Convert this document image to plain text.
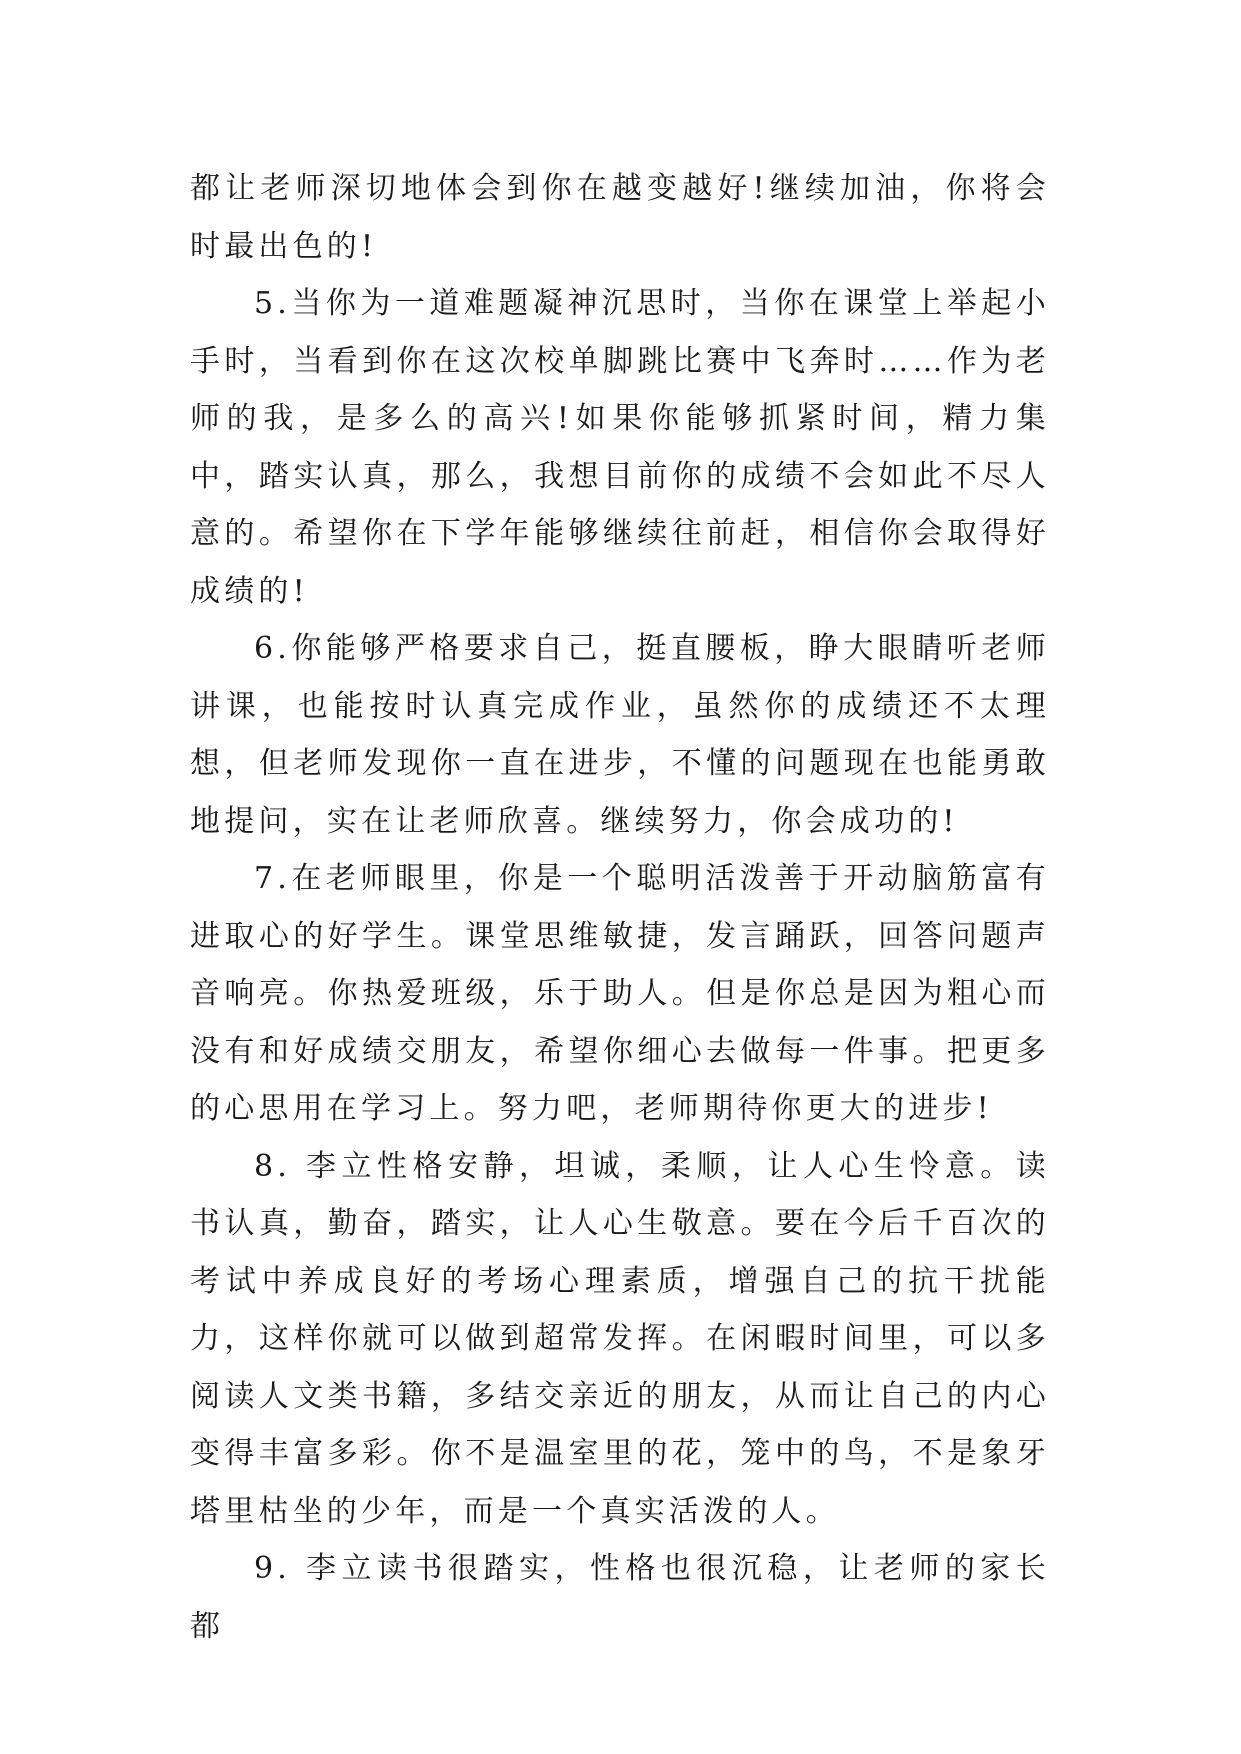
都让老师深切地体会到你在越变越好!继续加油，你将会时最出色的!

5.当你为一道难题凝神沉思时，当你在课堂上举起小手时，当看到你在这次校单脚跳比赛中飞奔时……作为老师的我，是多么的高兴!如果你能够抓紧时间，精力集中，踏实认真，那么，我想目前你的成绩不会如此不尽人意的。希望你在下学年能够继续往前赶，相信你会取得好成绩的!

6.你能够严格要求自己，挺直腰板，睁大眼睛听老师讲课，也能按时认真完成作业，虽然你的成绩还不太理想，但老师发现你一直在进步，不懂的问题现在也能勇敢地提问，实在让老师欣喜。继续努力，你会成功的!

7.在老师眼里，你是一个聪明活泼善于开动脑筋富有进取心的好学生。课堂思维敏捷，发言踊跃，回答问题声音响亮。你热爱班级，乐于助人。但是你总是因为粗心而没有和好成绩交朋友，希望你细心去做每一件事。把更多的心思用在学习上。努力吧，老师期待你更大的进步!

8. 李立性格安静，坦诚，柔顺，让人心生怜意。读书认真，勤奋，踏实，让人心生敬意。要在今后千百次的考试中养成良好的考场心理素质，增强自己的抗干扰能力，这样你就可以做到超常发挥。在闲暇时间里，可以多阅读人文类书籍，多结交亲近的朋友，从而让自己的内心变得丰富多彩。你不是温室里的花，笼中的鸟，不是象牙塔里枯坐的少年，而是一个真实活泼的人。

9. 李立读书很踏实，性格也很沉稳，让老师的家长都
